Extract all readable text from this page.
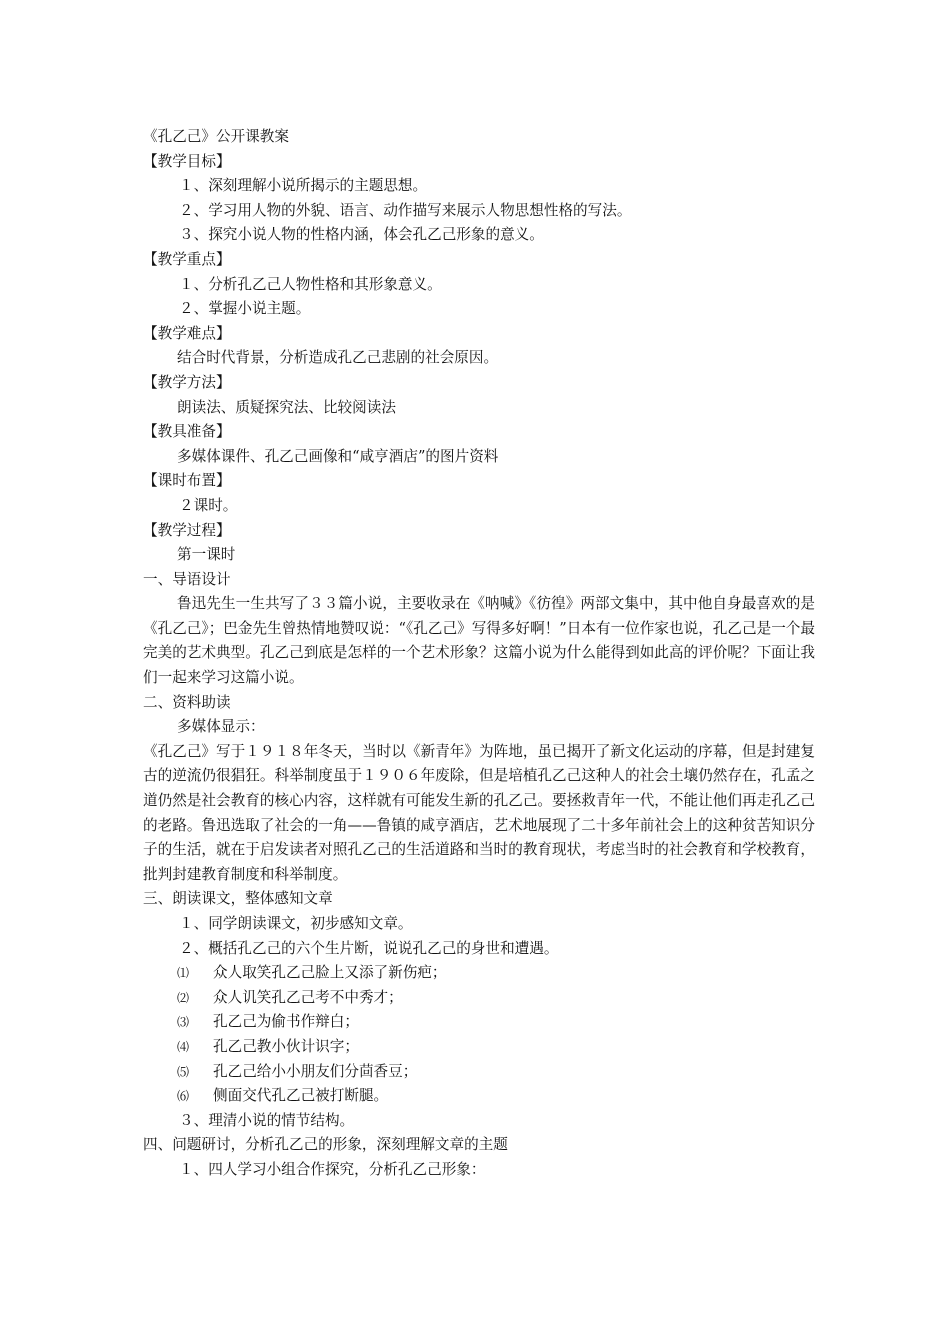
《孔乙己》公开课教案
【教学目标】
１、深刻理解小说所揭示的主题思想。
２、学习用人物的外貌、语言、动作描写来展示人物思想性格的写法。
３、探究小说人物的性格内涵，体会孔乙己形象的意义。
【教学重点】
１、分析孔乙己人物性格和其形象意义。
２、掌握小说主题。
【教学难点】
结合时代背景，分析造成孔乙己悲剧的社会原因。
【教学方法】
朗读法、质疑探究法、比较阅读法
【教具准备】
多媒体课件、孔乙己画像和“咸亨酒店”的图片资料
【课时布置】
２课时。
【教学过程】
第一课时
一、导语设计
鲁迅先生一生共写了３３篇小说，主要收录在《呐喊》《彷徨》两部文集中，其中他自身最喜欢的是《孔乙己》；巴金先生曾热情地赞叹说：“《孔乙己》写得多好啊！”日本有一位作家也说，孔乙己是一个最完美的艺术典型。孔乙己到底是怎样的一个艺术形象？这篇小说为什么能得到如此高的评价呢？下面让我们一起来学习这篇小说。
二、资料助读
多媒体显示：
《孔乙己》写于１９１８年冬天，当时以《新青年》为阵地，虽已揭开了新文化运动的序幕，但是封建复古的逆流仍很猖狂。科举制度虽于１９０６年废除，但是培植孔乙己这种人的社会土壤仍然存在，孔孟之道仍然是社会教育的核心内容，这样就有可能发生新的孔乙己。要拯救青年一代，不能让他们再走孔乙己的老路。鲁迅选取了社会的一角——鲁镇的咸亨酒店，艺术地展现了二十多年前社会上的这种贫苦知识分子的生活，就在于启发读者对照孔乙己的生活道路和当时的教育现状，考虑当时的社会教育和学校教育，批判封建教育制度和科举制度。
三、朗读课文，整体感知文章
１、同学朗读课文，初步感知文章。
２、概括孔乙己的六个生片断，说说孔乙己的身世和遭遇。
⑴ 众人取笑孔乙己脸上又添了新伤疤；
⑵ 众人讥笑孔乙己考不中秀才；
⑶ 孔乙己为偷书作辩白；
⑷ 孔乙己教小伙计识字；
⑸ 孔乙己给小小朋友们分茴香豆；
⑹ 侧面交代孔乙己被打断腿。
３、理清小说的情节结构。
四、问题研讨，分析孔乙己的形象，深刻理解文章的主题
１、四人学习小组合作探究，分析孔乙己形象：
